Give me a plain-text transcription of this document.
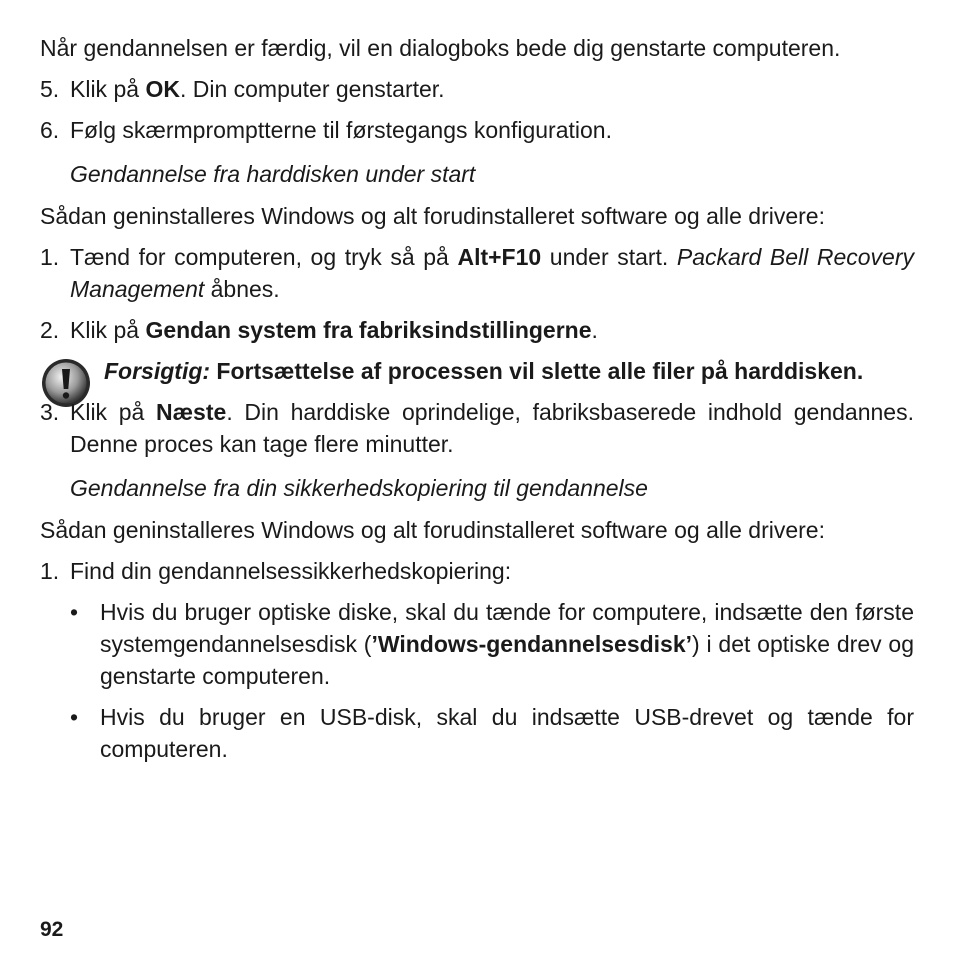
Når gendannelsen er færdig, vil en dialogboks bede dig genstarte computeren.

5. Klik på OK. Din computer genstarter.

6. Følg skærmpromptterne til førstegangs konfiguration.

Gendannelse fra harddisken under start

Sådan geninstalleres Windows og alt forudinstalleret software og alle drivere:

1. Tænd for computeren, og tryk så på Alt+F10 under start. Packard Bell Recovery Management åbnes.

2. Klik på Gendan system fra fabriksindstillingerne.

Forsigtig: Fortsættelse af processen vil slette alle filer på harddisken.

3. Klik på Næste. Din harddiske oprindelige, fabriksbaserede indhold gendannes. Denne proces kan tage flere minutter.

Gendannelse fra din sikkerhedskopiering til gendannelse

Sådan geninstalleres Windows og alt forudinstalleret software og alle drivere:

1. Find din gendannelsessikkerhedskopiering:

• Hvis du bruger optiske diske, skal du tænde for computere, indsætte den første systemgendannelsesdisk (’Windows-gendannelsesdisk’) i det optiske drev og genstarte computeren.

• Hvis du bruger en USB-disk, skal du indsætte USB-drevet og tænde for computeren.

92
